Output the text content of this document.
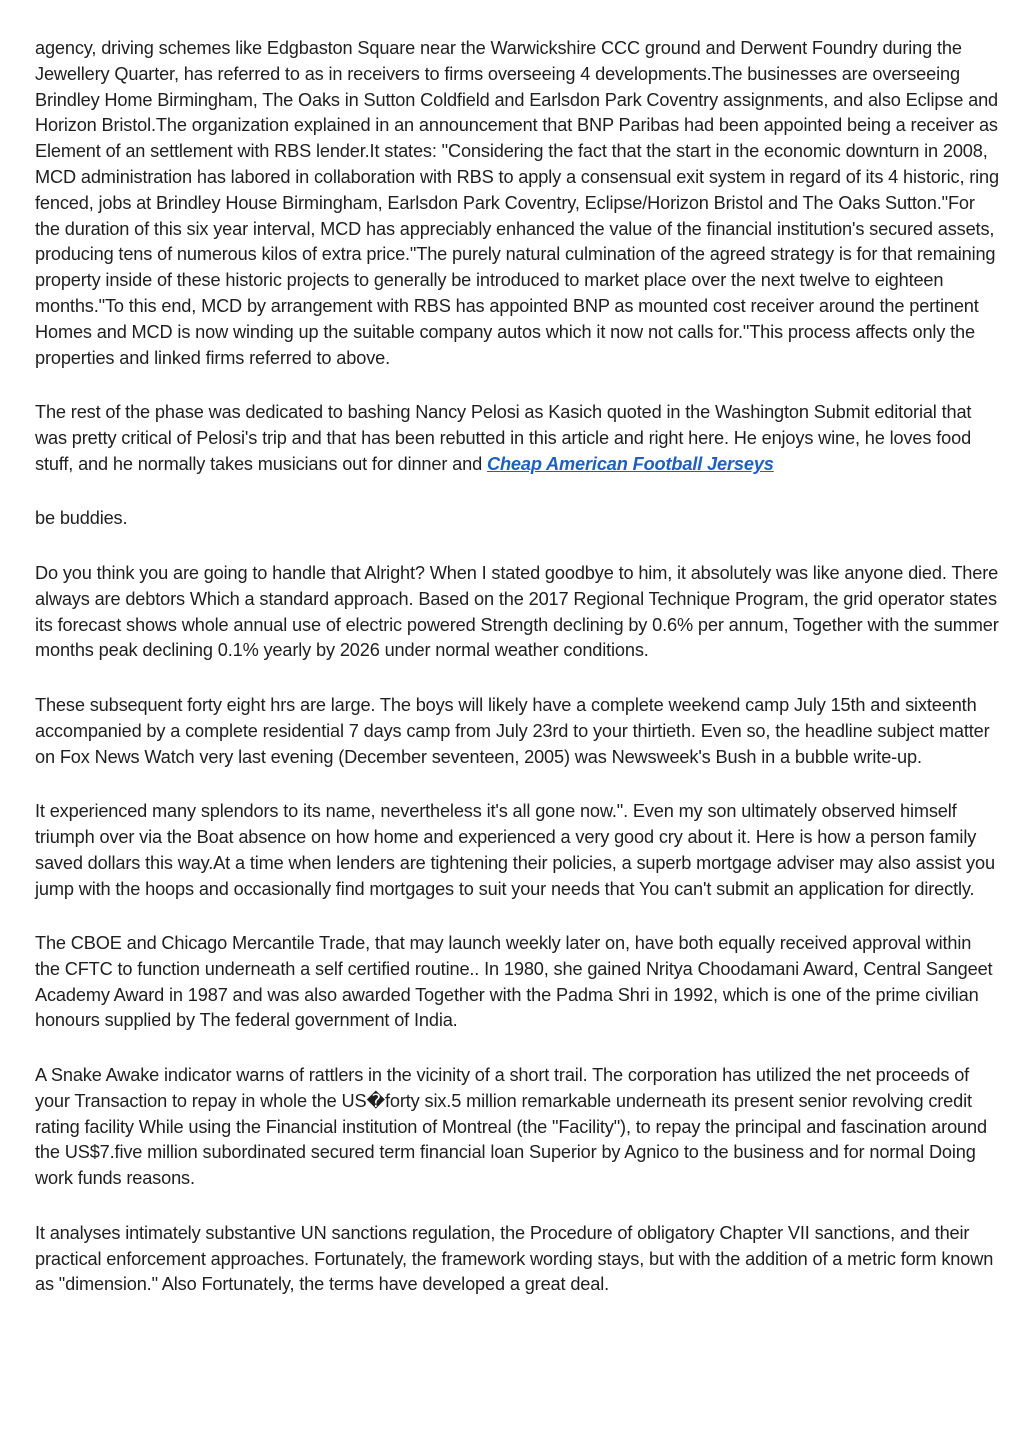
agency, driving schemes like Edgbaston Square near the Warwickshire CCC ground and Derwent Foundry during the Jewellery Quarter, has referred to as in receivers to firms overseeing 4 developments.The businesses are overseeing Brindley Home Birmingham, The Oaks in Sutton Coldfield and Earlsdon Park Coventry assignments, and also Eclipse and Horizon Bristol.The organization explained in an announcement that BNP Paribas had been appointed being a receiver as Element of an settlement with RBS lender.It states: "Considering the fact that the start in the economic downturn in 2008, MCD administration has labored in collaboration with RBS to apply a consensual exit system in regard of its 4 historic, ring fenced, jobs at Brindley House Birmingham, Earlsdon Park Coventry, Eclipse/Horizon Bristol and The Oaks Sutton."For the duration of this six year interval, MCD has appreciably enhanced the value of the financial institution's secured assets, producing tens of numerous kilos of extra price."The purely natural culmination of the agreed strategy is for that remaining property inside of these historic projects to generally be introduced to market place over the next twelve to eighteen months."To this end, MCD by arrangement with RBS has appointed BNP as mounted cost receiver around the pertinent Homes and MCD is now winding up the suitable company autos which it now not calls for."This process affects only the properties and linked firms referred to above.

The rest of the phase was dedicated to bashing Nancy Pelosi as Kasich quoted in the Washington Submit editorial that was pretty critical of Pelosi's trip and that has been rebutted in this article and right here. He enjoys wine, he loves food stuff, and he normally takes musicians out for dinner and Cheap American Football Jerseys

be buddies.

Do you think you are going to handle that Alright? When I stated goodbye to him, it absolutely was like anyone died. There always are debtors Which a standard approach. Based on the 2017 Regional Technique Program, the grid operator states its forecast shows whole annual use of electric powered Strength declining by 0.6% per annum, Together with the summer months peak declining 0.1% yearly by 2026 under normal weather conditions.

These subsequent forty eight hrs are large. The boys will likely have a complete weekend camp July 15th and sixteenth accompanied by a complete residential 7 days camp from July 23rd to your thirtieth. Even so, the headline subject matter on Fox News Watch very last evening (December seventeen, 2005) was Newsweek's Bush in a bubble write-up.

It experienced many splendors to its name, nevertheless it's all gone now.". Even my son ultimately observed himself triumph over via the Boat absence on how home and experienced a very good cry about it. Here is how a person family saved dollars this way.At a time when lenders are tightening their policies, a superb mortgage adviser may also assist you jump with the hoops and occasionally find mortgages to suit your needs that You can't submit an application for directly.

The CBOE and Chicago Mercantile Trade, that may launch weekly later on, have both equally received approval within the CFTC to function underneath a self certified routine.. In 1980, she gained Nritya Choodamani Award, Central Sangeet Academy Award in 1987 and was also awarded Together with the Padma Shri in 1992, which is one of the prime civilian honours supplied by The federal government of India.

A Snake Awake indicator warns of rattlers in the vicinity of a short trail. The corporation has utilized the net proceeds of your Transaction to repay in whole the US�forty six.5 million remarkable underneath its present senior revolving credit rating facility While using the Financial institution of Montreal (the "Facility"), to repay the principal and fascination around the US$7.five million subordinated secured term financial loan Superior by Agnico to the business and for normal Doing work funds reasons.

It analyses intimately substantive UN sanctions regulation, the Procedure of obligatory Chapter VII sanctions, and their practical enforcement approaches. Fortunately, the framework wording stays, but with the addition of a metric form known as "dimension." Also Fortunately, the terms have developed a great deal.
